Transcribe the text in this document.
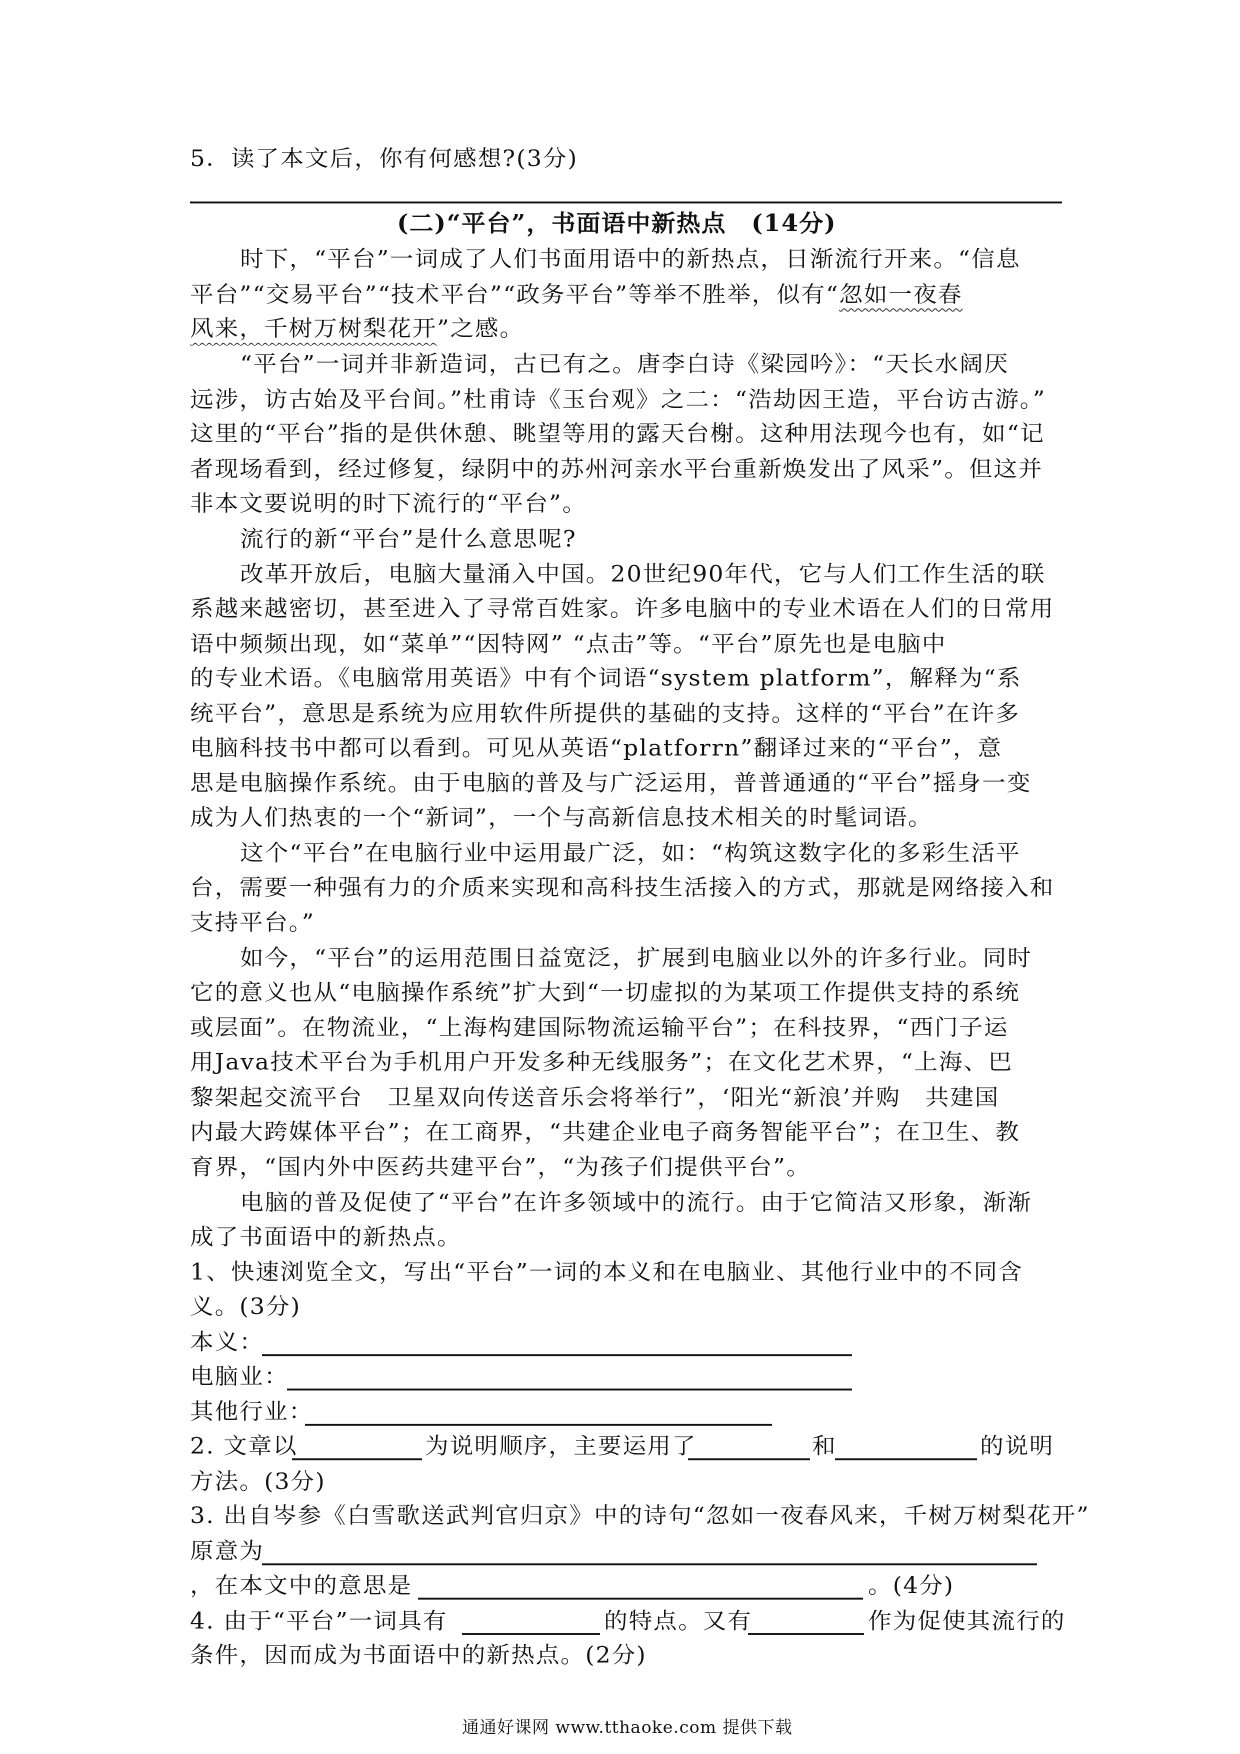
5．读了本文后，你有何感想?(3分)
(二)“平台”，书面语中新热点　(14分)
时下，“平台”一词成了人们书面用语中的新热点，日渐流行开来。“信息
平台”“交易平台”“技术平台”“政务平台”等举不胜举，似有“忽如一夜春
风来，千树万树梨花开”之感。
“平台”一词并非新造词，古已有之。唐李白诗《梁园吟》：“天长水阔厌
远涉，访古始及平台间。”杜甫诗《玉台观》之二：“浩劫因王造，平台访古游。”
这里的“平台”指的是供休憩、眺望等用的露天台榭。这种用法现今也有，如“记
者现场看到，经过修复，绿阴中的苏州河亲水平台重新焕发出了风采”。但这并
非本文要说明的时下流行的“平台”。
流行的新“平台”是什么意思呢?
改革开放后，电脑大量涌入中国。20世纪90年代，它与人们工作生活的联
系越来越密切，甚至进入了寻常百姓家。许多电脑中的专业术语在人们的日常用
语中频频出现，如“菜单”“因特网” “点击”等。“平台”原先也是电脑中
的专业术语。《电脑常用英语》中有个词语“system platform”，解释为“系
统平台”，意思是系统为应用软件所提供的基础的支持。这样的“平台”在许多
电脑科技书中都可以看到。可见从英语“platforrn”翻译过来的“平台”，意
思是电脑操作系统。由于电脑的普及与广泛运用，普普通通的“平台”摇身一变
成为人们热衷的一个“新词”，一个与高新信息技术相关的时髦词语。
这个“平台”在电脑行业中运用最广泛，如：“构筑这数字化的多彩生活平
台，需要一种强有力的介质来实现和高科技生活接入的方式，那就是网络接入和
支持平台。”
如今，“平台”的运用范围日益宽泛，扩展到电脑业以外的许多行业。同时
它的意义也从“电脑操作系统”扩大到“一切虚拟的为某项工作提供支持的系统
或层面”。在物流业，“上海构建国际物流运输平台”；在科技界，“西门子运
用Java技术平台为手机用户开发多种无线服务”；在文化艺术界，“上海、巴
黎架起交流平台　卫星双向传送音乐会将举行”，‘阳光“新浪’并购　共建国
内最大跨媒体平台”；在工商界，“共建企业电子商务智能平台”；在卫生、教
育界，“国内外中医药共建平台”，“为孩子们提供平台”。
电脑的普及促使了“平台”在许多领域中的流行。由于它简洁又形象，渐渐
成了书面语中的新热点。
1、快速浏览全文，写出“平台”一词的本义和在电脑业、其他行业中的不同含
义。(3分)
本义：
电脑业：
其他行业：
2. 文章以	为说明顺序，主要运用了	和	的说明
方法。(3分)
3. 出自岑参《白雪歌送武判官归京》中的诗句“忽如一夜春风来，千树万树梨花开”
原意为
，在本文中的意思是	。(4分)
4. 由于“平台”一词具有	的特点。又有	作为促使其流行的
条件，因而成为书面语中的新热点。(2分)
通通好课网 www.tthaoke.com 提供下载
